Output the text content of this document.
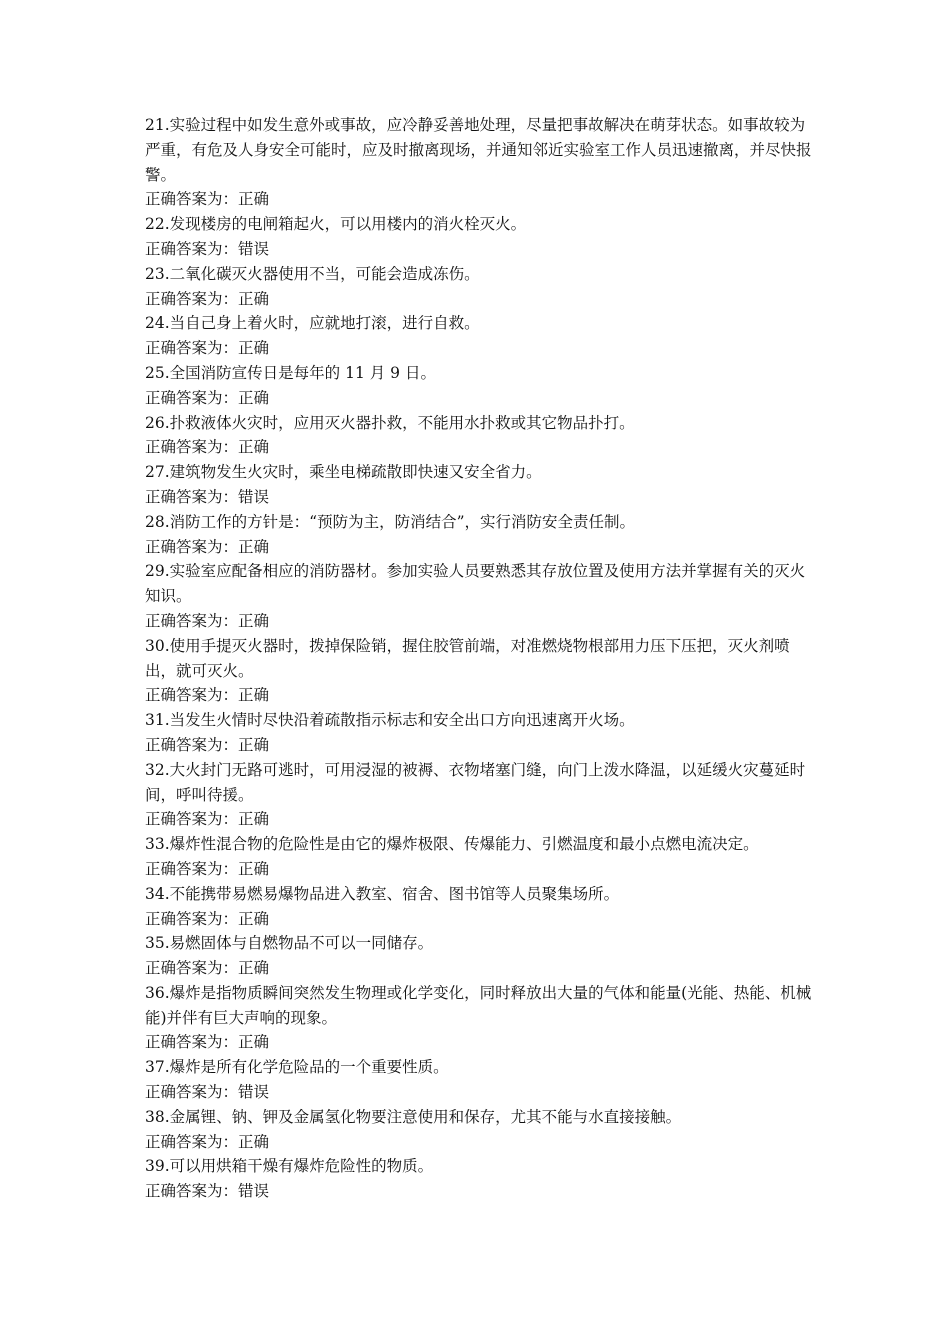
21.实验过程中如发生意外或事故，应冷静妥善地处理，尽量把事故解决在萌芽状态。如事故较为严重，有危及人身安全可能时，应及时撤离现场，并通知邻近实验室工作人员迅速撤离，并尽快报警。

正确答案为：正确

22.发现楼房的电闸箱起火，可以用楼内的消火栓灭火。

正确答案为：错误

23.二氧化碳灭火器使用不当，可能会造成冻伤。

正确答案为：正确

24.当自己身上着火时，应就地打滚，进行自救。

正确答案为：正确

25.全国消防宣传日是每年的 11 月 9 日。

正确答案为：正确

26.扑救液体火灾时，应用灭火器扑救，不能用水扑救或其它物品扑打。

正确答案为：正确

27.建筑物发生火灾时，乘坐电梯疏散即快速又安全省力。

正确答案为：错误

28.消防工作的方针是：“预防为主，防消结合”，实行消防安全责任制。

正确答案为：正确

29.实验室应配备相应的消防器材。参加实验人员要熟悉其存放位置及使用方法并掌握有关的灭火知识。

正确答案为：正确

30.使用手提灭火器时，拨掉保险销，握住胶管前端，对准燃烧物根部用力压下压把，灭火剂喷出，就可灭火。

正确答案为：正确

31.当发生火情时尽快沿着疏散指示标志和安全出口方向迅速离开火场。

正确答案为：正确

32.大火封门无路可逃时，可用浸湿的被褥、衣物堵塞门缝，向门上泼水降温，以延缓火灾蔓延时间，呼叫待援。

正确答案为：正确

33.爆炸性混合物的危险性是由它的爆炸极限、传爆能力、引燃温度和最小点燃电流决定。

正确答案为：正确

34.不能携带易燃易爆物品进入教室、宿舍、图书馆等人员聚集场所。

正确答案为：正确

35.易燃固体与自燃物品不可以一同储存。

正确答案为：正确

36.爆炸是指物质瞬间突然发生物理或化学变化，同时释放出大量的气体和能量(光能、热能、机械能)并伴有巨大声响的现象。

正确答案为：正确

37.爆炸是所有化学危险品的一个重要性质。

正确答案为：错误

38.金属锂、钠、钾及金属氢化物要注意使用和保存，尤其不能与水直接接触。

正确答案为：正确

39.可以用烘箱干燥有爆炸危险性的物质。

正确答案为：错误
